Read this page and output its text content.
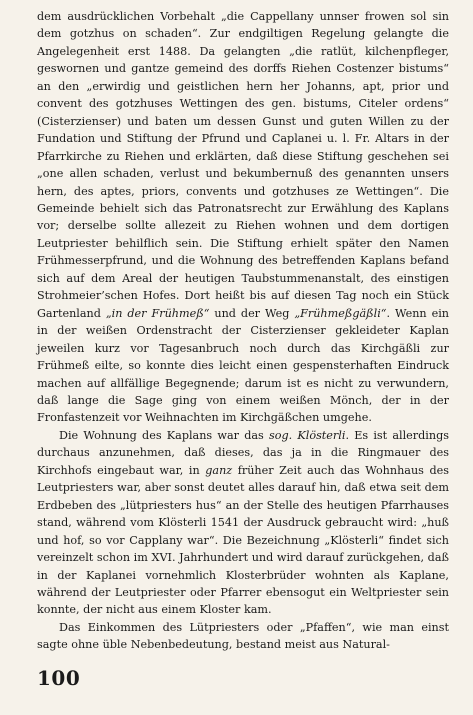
dem ausdrücklichen Vorbehalt „die Cappellany unnser frowen sol sin dem gotzhus on schaden“. Zur endgiltigen Regelung gelangte die Angelegenheit erst 1488. Da gelangten „die ratlüt, kilchenpfleger, geswornen und gantze gemeind des dorffs Riehen Costenzer bistums“ an den „erwirdig und geistlichen hern her Johanns, apt, prior und convent des gotzhuses Wettingen des gen. bistums, Citeler ordens“ (Cisterzienser) und baten um dessen Gunst und guten Willen zu der Fundation und Stiftung der Pfrund und Caplanei u. l. Fr. Altars in der Pfarrkirche zu Riehen und erklärten, daß diese Stiftung geschehen sei „one allen schaden, verlust und bekumbernuß des genannten unsers hern, des aptes, priors, convents und gotzhuses ze Wettingen“. Die Gemeinde behielt sich das Patronatsrecht zur Erwählung des Kaplans vor; derselbe sollte allezeit zu Riehen wohnen und dem dortigen Leutpriester behilflich sein. Die Stiftung erhielt später den Namen Frühmesserpfrund, und die Wohnung des betreffenden Kaplans befand sich auf dem Areal der heutigen Taubstummenanstalt, des einstigen Strohmeier’schen Hofes. Dort heißt bis auf diesen Tag noch ein Stück Gartenland „in der Frühmeß“ und der Weg „Frühmeßgäßli“. Wenn ein in der weißen Ordenstracht der Cisterzienser gekleideter Kaplan jeweilen kurz vor Tagesanbruch noch durch das Kirchgäßli zur Frühmeß eilte, so konnte dies leicht einen gespensterhaften Eindruck machen auf allfällige Begegnende; darum ist es nicht zu verwundern, daß lange die Sage ging von einem weißen Mönch, der in der Fronfastenzeit vor Weihnachten im Kirchgäßchen umgehe.

Die Wohnung des Kaplans war das sog. Klösterli. Es ist allerdings durchaus anzunehmen, daß dieses, das ja in die Ringmauer des Kirchhofs eingebaut war, in ganz früher Zeit auch das Wohnhaus des Leutpriesters war, aber sonst deutet alles darauf hin, daß etwa seit dem Erdbeben des „lütpriesters hus“ an der Stelle des heutigen Pfarrhauses stand, während vom Klösterli 1541 der Ausdruck gebraucht wird: „huß und hof, so vor Capplany war“. Die Bezeichnung „Klösterli“ findet sich vereinzelt schon im XVI. Jahrhundert und wird darauf zurückgehen, daß in der Kaplanei vornehmlich Klosterbrüder wohnten als Kaplane, während der Leutpriester oder Pfarrer ebensogut ein Weltpriester sein konnte, der nicht aus einem Kloster kam.

Das Einkommen des Lütpriesters oder „Pfaffen“, wie man einst sagte ohne üble Nebenbedeutung, bestand meist aus Natural-

100
